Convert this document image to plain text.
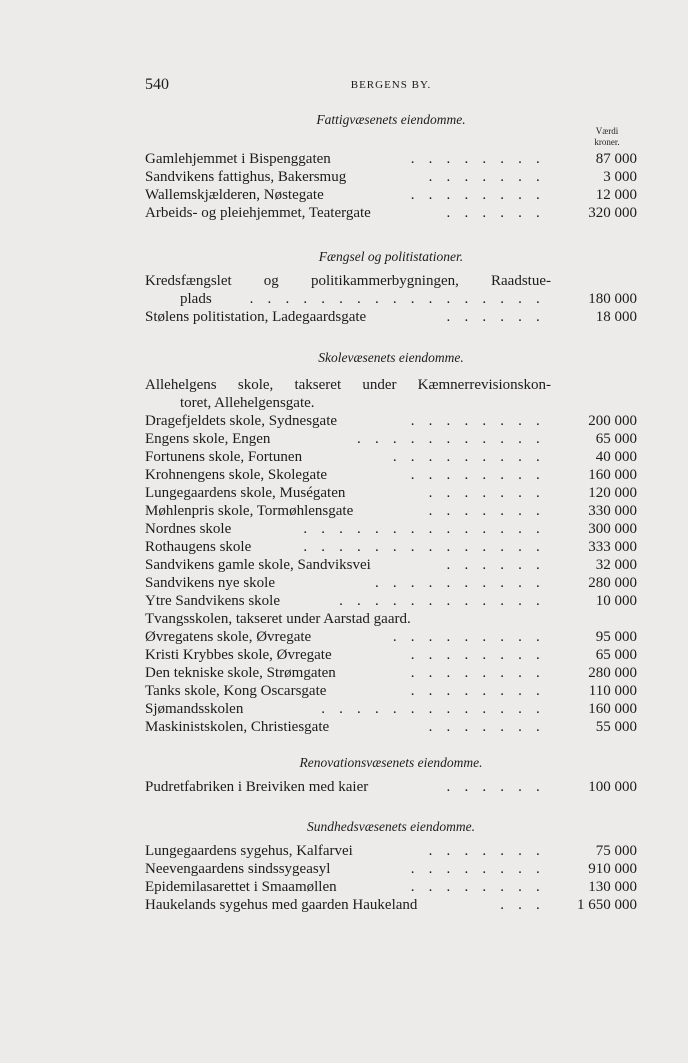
540	BERGENS BY.
Fattigvæsenets eiendomme.
Værdi
kroner.
Gamlehjemmet i Bispenggaten	. . . . . . . .	87 000
Sandvikens fattighus, Bakersmug	. . . . . . .	3 000
Wallemskjælderen, Nøstegate	. . . . . . . .	12 000
Arbeids- og pleiehjemmet, Teatergate	. . . . . .	320 000
Fængsel og politistationer.
Kredsfængslet og politikammerbygningen, Raadstue-
plads	. . . . . . . . . . . . . . . . .	180 000
Stølens politistation, Ladegaardsgate	. . . . . .	18 000
Skolevæsenets eiendomme.
Allehelgens skole, takseret under Kæmnerrevisionskon-
toret, Allehelgensgate.
Dragefjeldets skole, Sydnesgate	. . . . . . . .	200 000
Engens skole, Engen	. . . . . . . . . . .	65 000
Fortunens skole, Fortunen	. . . . . . . . .	40 000
Krohnengens skole, Skolegate	. . . . . . . .	160 000
Lungegaardens skole, Muségaten	. . . . . . .	120 000
Møhlenpris skole, Tormøhlensgate	. . . . . . .	330 000
Nordnes skole	. . . . . . . . . . . . . .	300 000
Rothaugens skole	. . . . . . . . . . . . . .	333 000
Sandvikens gamle skole, Sandviksvei	. . . . . .	32 000
Sandvikens nye skole	. . . . . . . . . .	280 000
Ytre Sandvikens skole	. . . . . . . . . . . .	10 000
Tvangsskolen, takseret under Aarstad gaard.
Øvregatens skole, Øvregate	. . . . . . . . .	95 000
Kristi Krybbes skole, Øvregate	. . . . . . . .	65 000
Den tekniske skole, Strømgaten	. . . . . . . .	280 000
Tanks skole, Kong Oscarsgate	. . . . . . . .	110 000
Sjømandsskolen	. . . . . . . . . . . . .	160 000
Maskinistskolen, Christiesgate	. . . . . . .	55 000
Renovationsvæsenets eiendomme.
Pudretfabriken i Breiviken med kaier	. . . . . .	100 000
Sundhedsvæsenets eiendomme.
Lungegaardens sygehus, Kalfarvei	. . . . . . .	75 000
Neevengaardens sindssygeasyl	. . . . . . . .	910 000
Epidemilasarettet i Smaamøllen	. . . . . . . .	130 000
Haukelands sygehus med gaarden Haukeland	. . .	1 650 000
